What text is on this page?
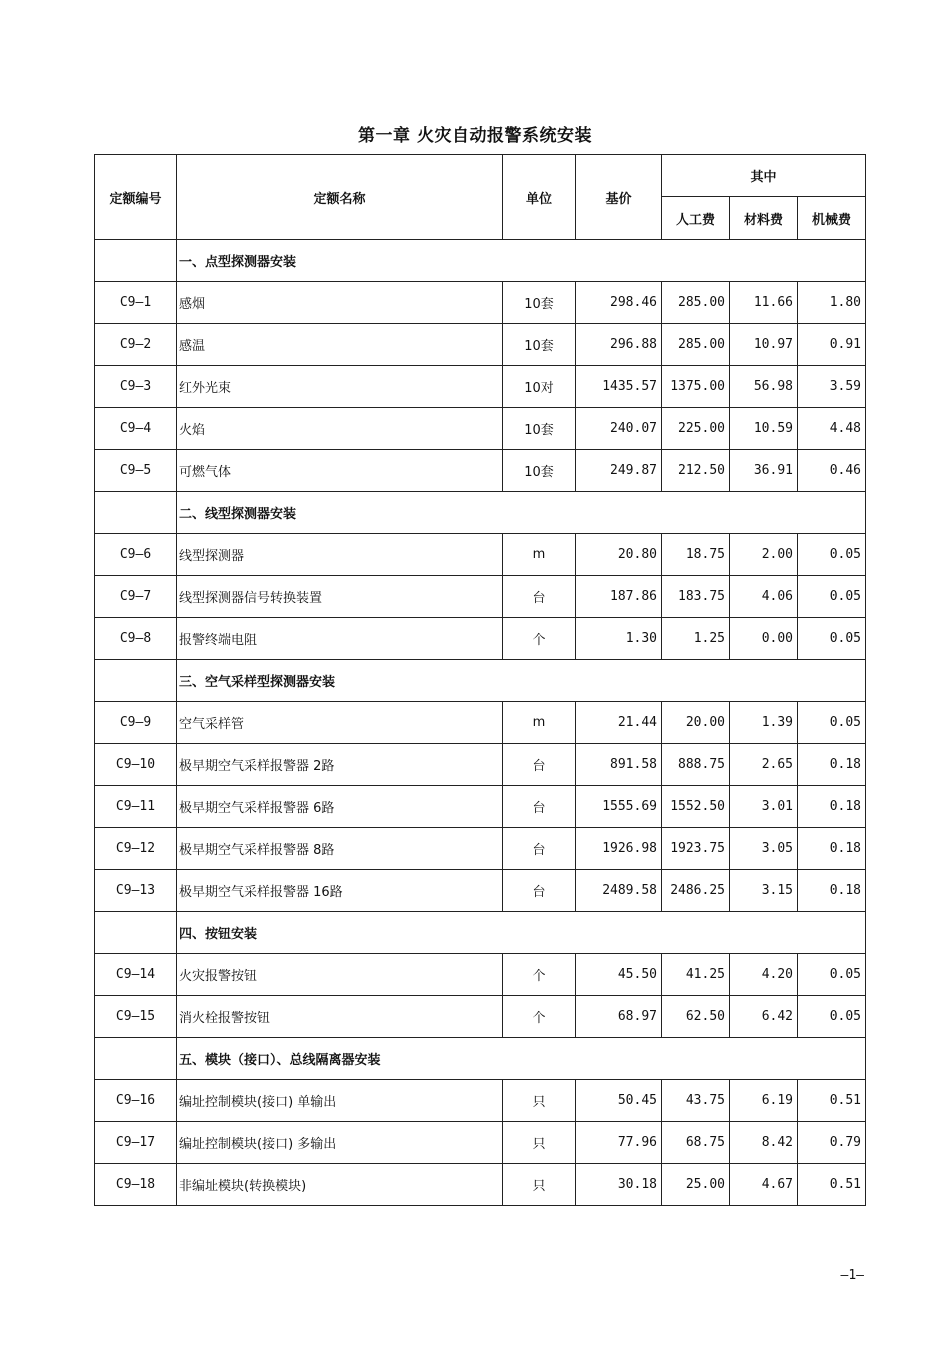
第一章 火灾自动报警系统安装
定额编号	定额名称	单位	基价	其中		
				人工费	材料费	机械费
	一、点型探测器安装					
C9—1	感烟	10套	298.46	285.00	11.66	1.80
C9—2	感温	10套	296.88	285.00	10.97	0.91
C9—3	红外光束	10对	1435.57	1375.00	56.98	3.59
C9—4	火焰	10套	240.07	225.00	10.59	4.48
C9—5	可燃气体	10套	249.87	212.50	36.91	0.46
	二、线型探测器安装					
C9—6	线型探测器	m	20.80	18.75	2.00	0.05
C9—7	线型探测器信号转换装置	台	187.86	183.75	4.06	0.05
C9—8	报警终端电阻	个	1.30	1.25	0.00	0.05
	三、空气采样型探测器安装					
C9—9	空气采样管	m	21.44	20.00	1.39	0.05
C9—10	极早期空气采样报警器 2路	台	891.58	888.75	2.65	0.18
C9—11	极早期空气采样报警器 6路	台	1555.69	1552.50	3.01	0.18
C9—12	极早期空气采样报警器 8路	台	1926.98	1923.75	3.05	0.18
C9—13	极早期空气采样报警器 16路	台	2489.58	2486.25	3.15	0.18
	四、按钮安装					
C9—14	火灾报警按钮	个	45.50	41.25	4.20	0.05
C9—15	消火栓报警按钮	个	68.97	62.50	6.42	0.05
	五、模块（接口）、总线隔离器安装					
C9—16	编址控制模块(接口) 单输出	只	50.45	43.75	6.19	0.51
C9—17	编址控制模块(接口) 多输出	只	77.96	68.75	8.42	0.79
C9—18	非编址模块(转换模块)	只	30.18	25.00	4.67	0.51
—1—
